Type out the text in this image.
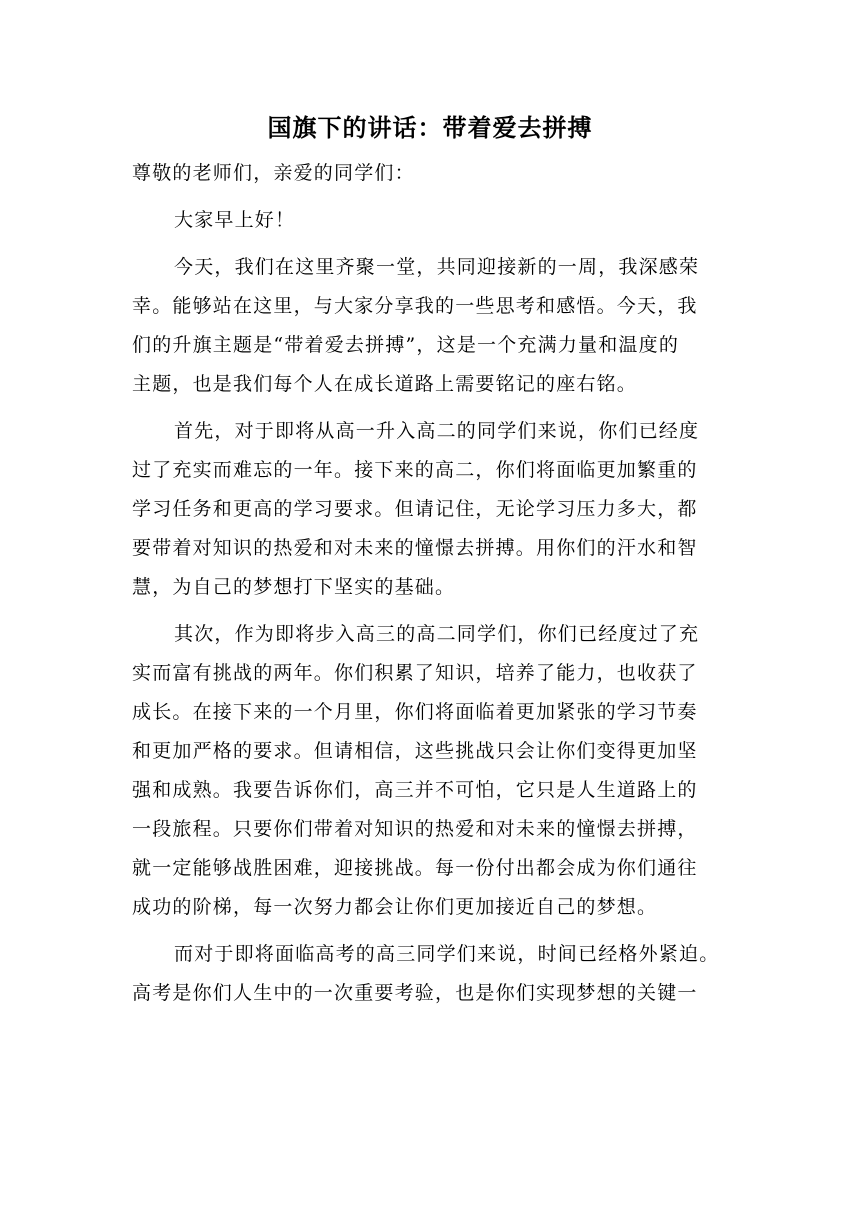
国旗下的讲话：带着爱去拼搏
尊敬的老师们，亲爱的同学们：
大家早上好！
今天，我们在这里齐聚一堂，共同迎接新的一周，我深感荣
幸。能够站在这里，与大家分享我的一些思考和感悟。今天，我
们的升旗主题是“带着爱去拼搏”，这是一个充满力量和温度的
主题，也是我们每个人在成长道路上需要铭记的座右铭。
首先，对于即将从高一升入高二的同学们来说，你们已经度
过了充实而难忘的一年。接下来的高二，你们将面临更加繁重的
学习任务和更高的学习要求。但请记住，无论学习压力多大，都
要带着对知识的热爱和对未来的憧憬去拼搏。用你们的汗水和智
慧，为自己的梦想打下坚实的基础。
其次，作为即将步入高三的高二同学们，你们已经度过了充
实而富有挑战的两年。你们积累了知识，培养了能力，也收获了
成长。在接下来的一个月里，你们将面临着更加紧张的学习节奏
和更加严格的要求。但请相信，这些挑战只会让你们变得更加坚
强和成熟。我要告诉你们，高三并不可怕，它只是人生道路上的
一段旅程。只要你们带着对知识的热爱和对未来的憧憬去拼搏，
就一定能够战胜困难，迎接挑战。每一份付出都会成为你们通往
成功的阶梯，每一次努力都会让你们更加接近自己的梦想。
而对于即将面临高考的高三同学们来说，时间已经格外紧迫。
高考是你们人生中的一次重要考验，也是你们实现梦想的关键一
